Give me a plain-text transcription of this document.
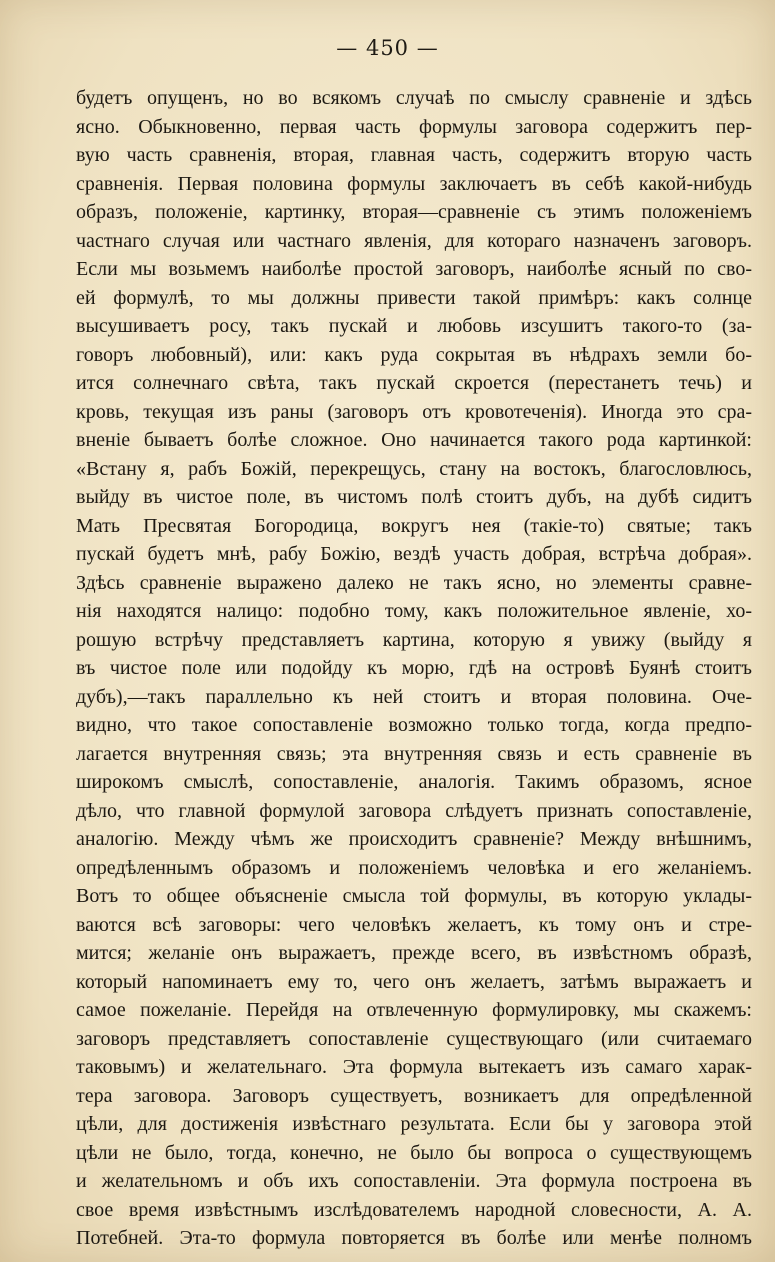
— 450 —
будетъ опущенъ, но во всякомъ случаѣ по смыслу сравненіе и здѣсь
ясно. Обыкновенно, первая часть формулы заговора содержитъ пер-
вую часть сравненія, вторая, главная часть, содержитъ вторую часть
сравненія. Первая половина формулы заключаетъ въ себѣ какой-нибудь
образъ, положеніе, картинку, вторая—сравненіе съ этимъ положеніемъ
частнаго случая или частнаго явленія, для котораго назначенъ заговоръ.
Если мы возьмемъ наиболѣе простой заговоръ, наиболѣе ясный по сво-
ей формулѣ, то мы должны привести такой примѣръ: какъ солнце
высушиваетъ росу, такъ пускай и любовь изсушитъ такого-то (за-
говоръ любовный), или: какъ руда сокрытая въ нѣдрахъ земли бо-
ится солнечнаго свѣта, такъ пускай скроется (перестанетъ течь) и
кровь, текущая изъ раны (заговоръ отъ кровотеченія). Иногда это сра-
вненіе бываетъ болѣе сложное. Оно начинается такого рода картинкой:
«Встану я, рабъ Божій, перекрещусь, стану на востокъ, благословлюсь,
выйду въ чистое поле, въ чистомъ полѣ стоитъ дубъ, на дубѣ сидитъ
Мать Пресвятая Богородица, вокругъ нея (такіе-то) святые; такъ
пускай будетъ мнѣ, рабу Божію, вездѣ участь добрая, встрѣча добрая».
Здѣсь сравненіе выражено далеко не такъ ясно, но элементы сравне-
нія находятся налицо: подобно тому, какъ положительное явленіе, хо-
рошую встрѣчу представляетъ картина, которую я увижу (выйду я
въ чистое поле или подойду къ морю, гдѣ на островѣ Буянѣ стоитъ
дубъ),—такъ параллельно къ ней стоитъ и вторая половина. Оче-
видно, что такое сопоставленіе возможно только тогда, когда предпо-
лагается внутренняя связь; эта внутренняя связь и есть сравненіе въ
широкомъ смыслѣ, сопоставленіе, аналогія. Такимъ образомъ, ясное
дѣло, что главной формулой заговора слѣдуетъ признать сопоставленіе,
аналогію. Между чѣмъ же происходитъ сравненіе? Между внѣшнимъ,
опредѣленнымъ образомъ и положеніемъ человѣка и его желаніемъ.
Вотъ то общее объясненіе смысла той формулы, въ которую уклады-
ваются всѣ заговоры: чего человѣкъ желаетъ, къ тому онъ и стре-
мится; желаніе онъ выражаетъ, прежде всего, въ извѣстномъ образѣ,
который напоминаетъ ему то, чего онъ желаетъ, затѣмъ выражаетъ и
самое пожеланіе. Перейдя на отвлеченную формулировку, мы скажемъ:
заговоръ представляетъ сопоставленіе существующаго (или считаемаго
таковымъ) и желательнаго. Эта формула вытекаетъ изъ самаго харак-
тера заговора. Заговоръ существуетъ, возникаетъ для опредѣленной
цѣли, для достиженія извѣстнаго результата. Если бы у заговора этой
цѣли не было, тогда, конечно, не было бы вопроса о существующемъ
и желательномъ и объ ихъ сопоставленіи. Эта формула построена въ
свое время извѣстнымъ изслѣдователемъ народной словесности, А. А.
Потебней. Эта-то формула повторяется въ болѣе или менѣе полномъ
